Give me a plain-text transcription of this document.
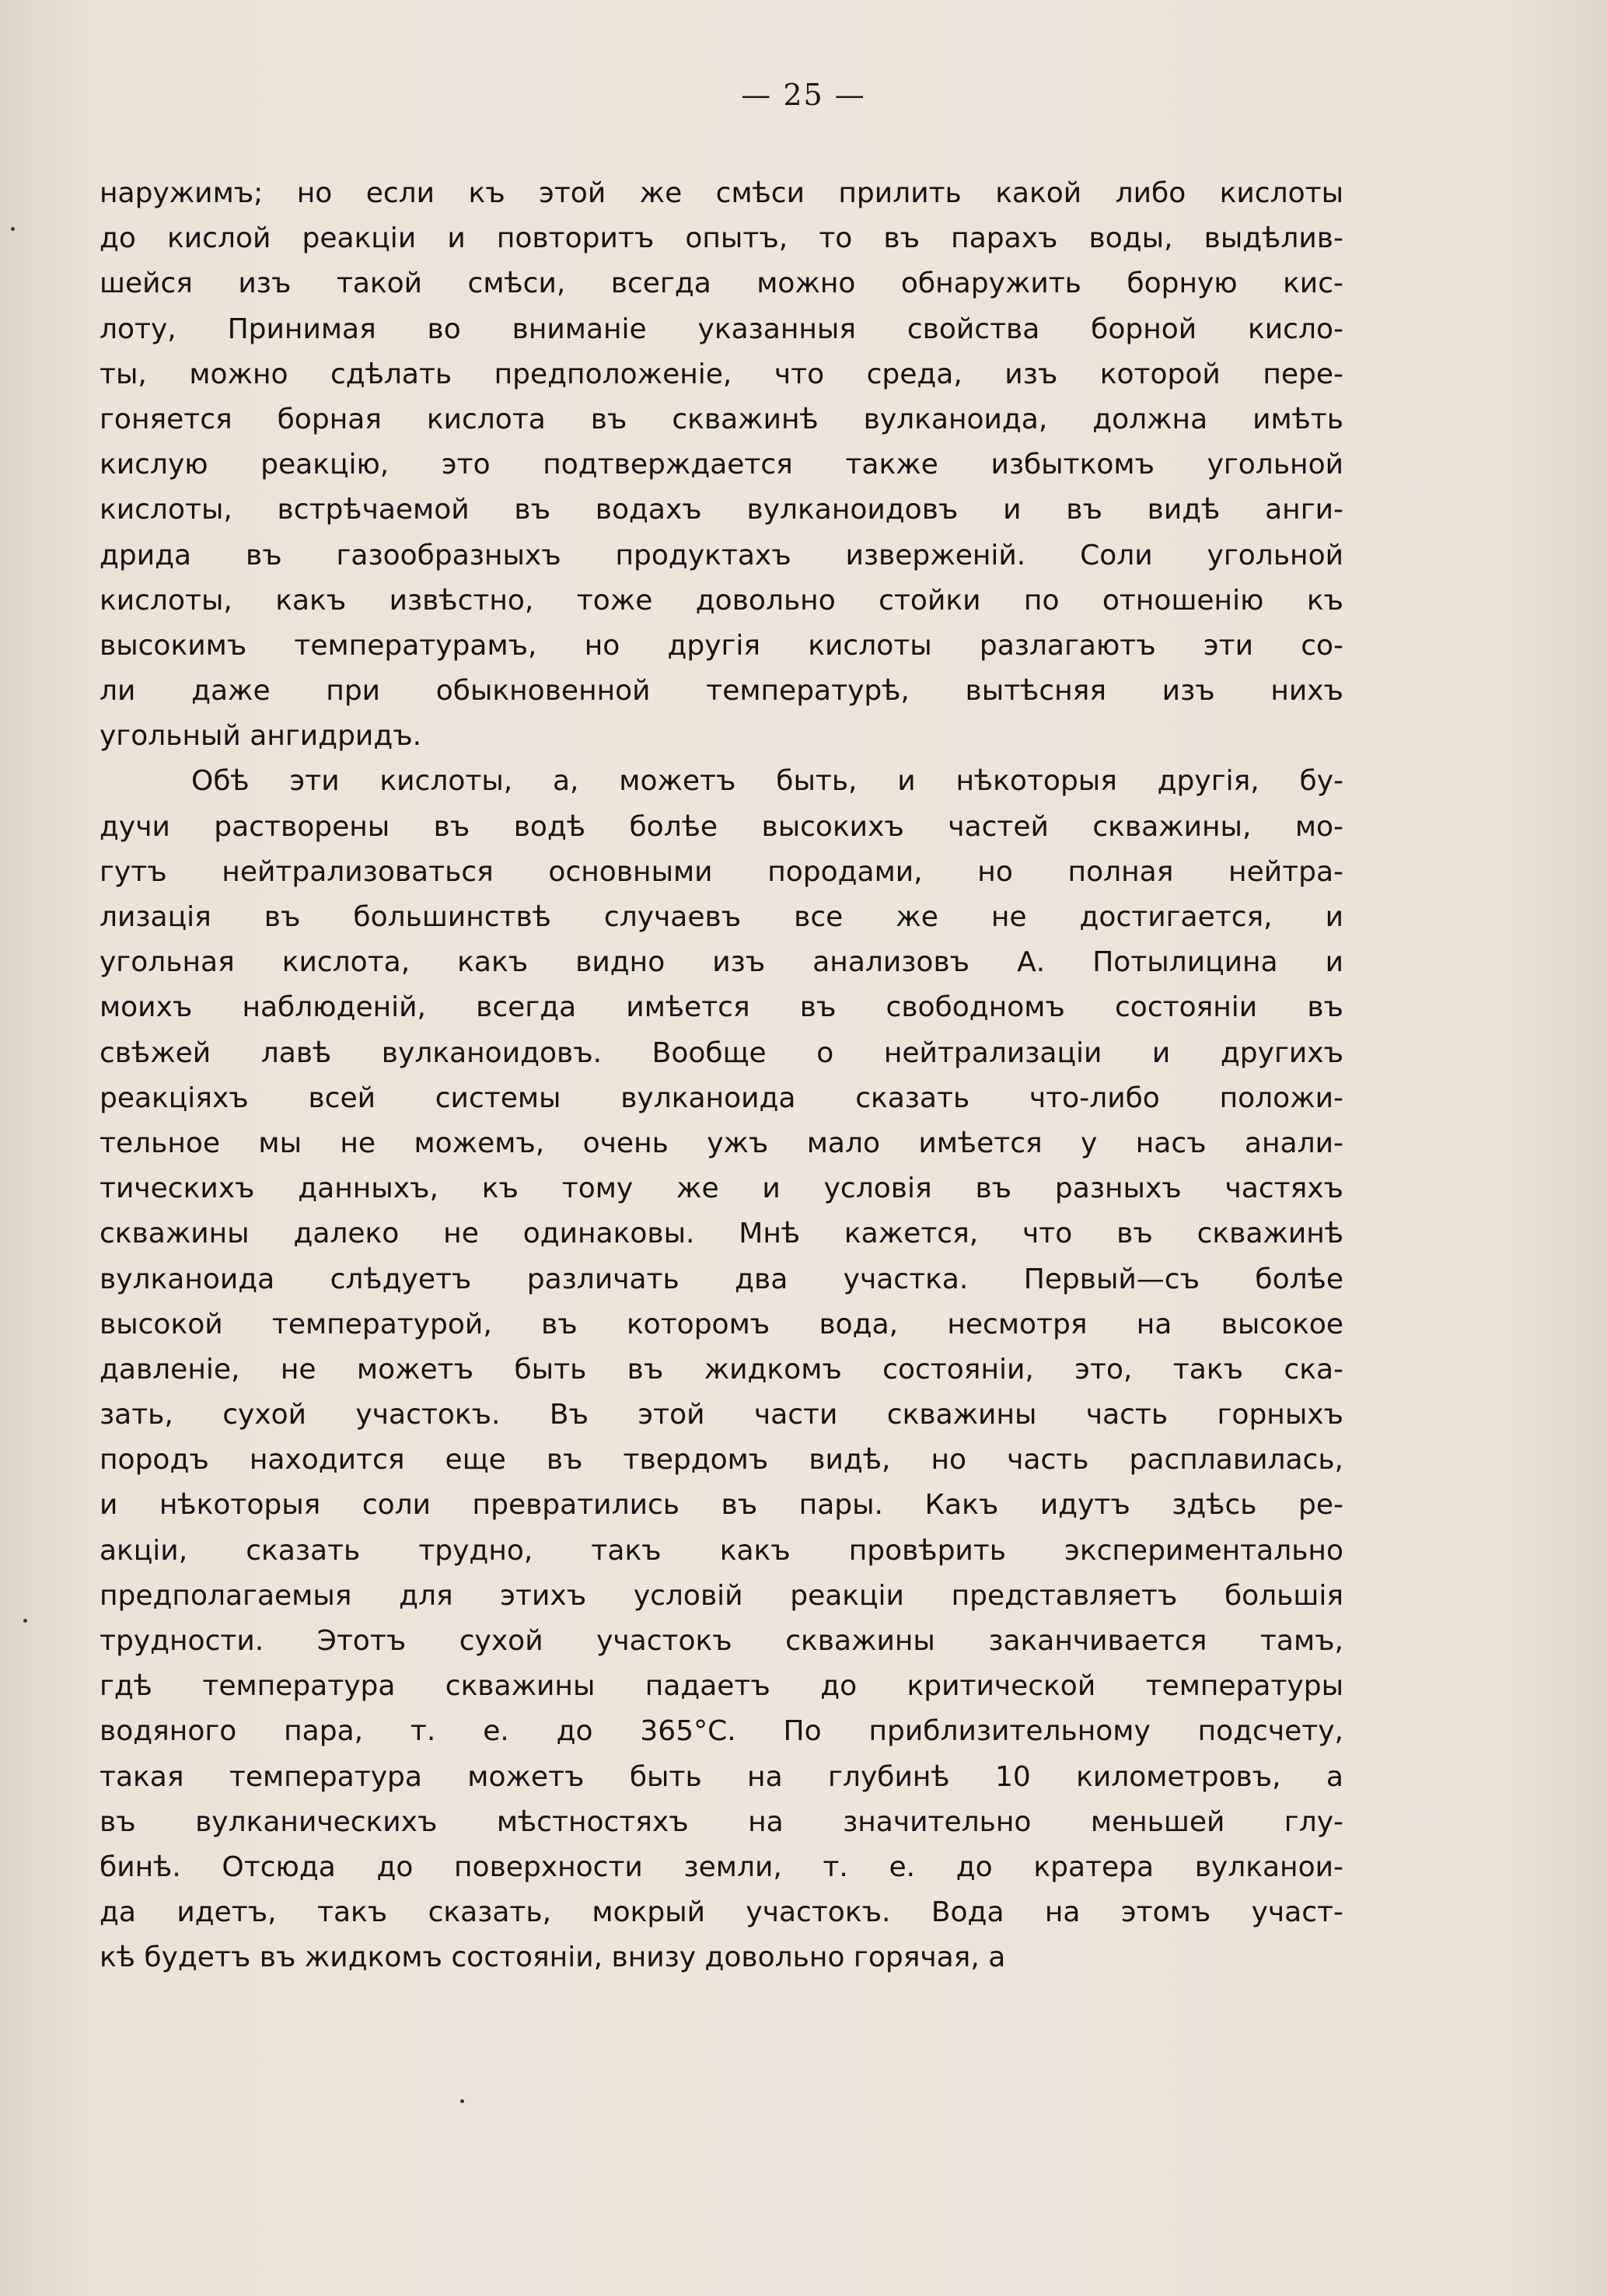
— 25 —
наружимъ; но если къ этой же смѣси прилить какой либо кислоты
до кислой реакціи и повторитъ опытъ, то въ парахъ воды, выдѣлив-
шейся изъ такой смѣси, всегда можно обнаружить борную кис-
лоту, Принимая во вниманіе указанныя свойства борной кисло-
ты, можно сдѣлать предположеніе, что среда, изъ которой пере-
гоняется борная кислота въ скважинѣ вулканоида, должна имѣть
кислую реакцію, это подтверждается также избыткомъ угольной
кислоты, встрѣчаемой въ водахъ вулканоидовъ и въ видѣ анги-
дрида въ газообразныхъ продуктахъ изверженій. Соли угольной
кислоты, какъ извѣстно, тоже довольно стойки по отношенію къ
высокимъ температурамъ, но другія кислоты разлагаютъ эти со-
ли даже при обыкновенной температурѣ, вытѣсняя изъ нихъ
угольный ангидридъ.
Обѣ эти кислоты, а, можетъ быть, и нѣкоторыя другія, бу-
дучи растворены въ водѣ болѣе высокихъ частей скважины, мо-
гутъ нейтрализоваться основными породами, но полная нейтра-
лизація въ большинствѣ случаевъ все же не достигается, и
угольная кислота, какъ видно изъ анализовъ А. Потылицина и
моихъ наблюденій, всегда имѣется въ свободномъ состояніи въ
свѣжей лавѣ вулканоидовъ. Вообще о нейтрализаціи и другихъ
реакціяхъ всей системы вулканоида сказать что-либо положи-
тельное мы не можемъ, очень ужъ мало имѣется у насъ анали-
тическихъ данныхъ, къ тому же и условія въ разныхъ частяхъ
скважины далеко не одинаковы. Мнѣ кажется, что въ скважинѣ
вулканоида слѣдуетъ различать два участка. Первый—съ болѣе
высокой температурой, въ которомъ вода, несмотря на высокое
давленіе, не можетъ быть въ жидкомъ состояніи, это, такъ ска-
зать, сухой участокъ. Въ этой части скважины часть горныхъ
породъ находится еще въ твердомъ видѣ, но часть расплавилась,
и нѣкоторыя соли превратились въ пары. Какъ идутъ здѣсь ре-
акціи, сказать трудно, такъ какъ провѣрить экспериментально
предполагаемыя для этихъ условій реакціи представляетъ большія
трудности. Этотъ сухой участокъ скважины заканчивается тамъ,
гдѣ температура скважины падаетъ до критической температуры
водяного пара, т. е. до 365°С. По приблизительному подсчету,
такая температура можетъ быть на глубинѣ 10 километровъ, а
въ вулканическихъ мѣстностяхъ на значительно меньшей глу-
бинѣ. Отсюда до поверхности земли, т. е. до кратера вулканои-
да идетъ, такъ сказать, мокрый участокъ. Вода на этомъ участ-
кѣ будетъ въ жидкомъ состояніи, внизу довольно горячая, а
